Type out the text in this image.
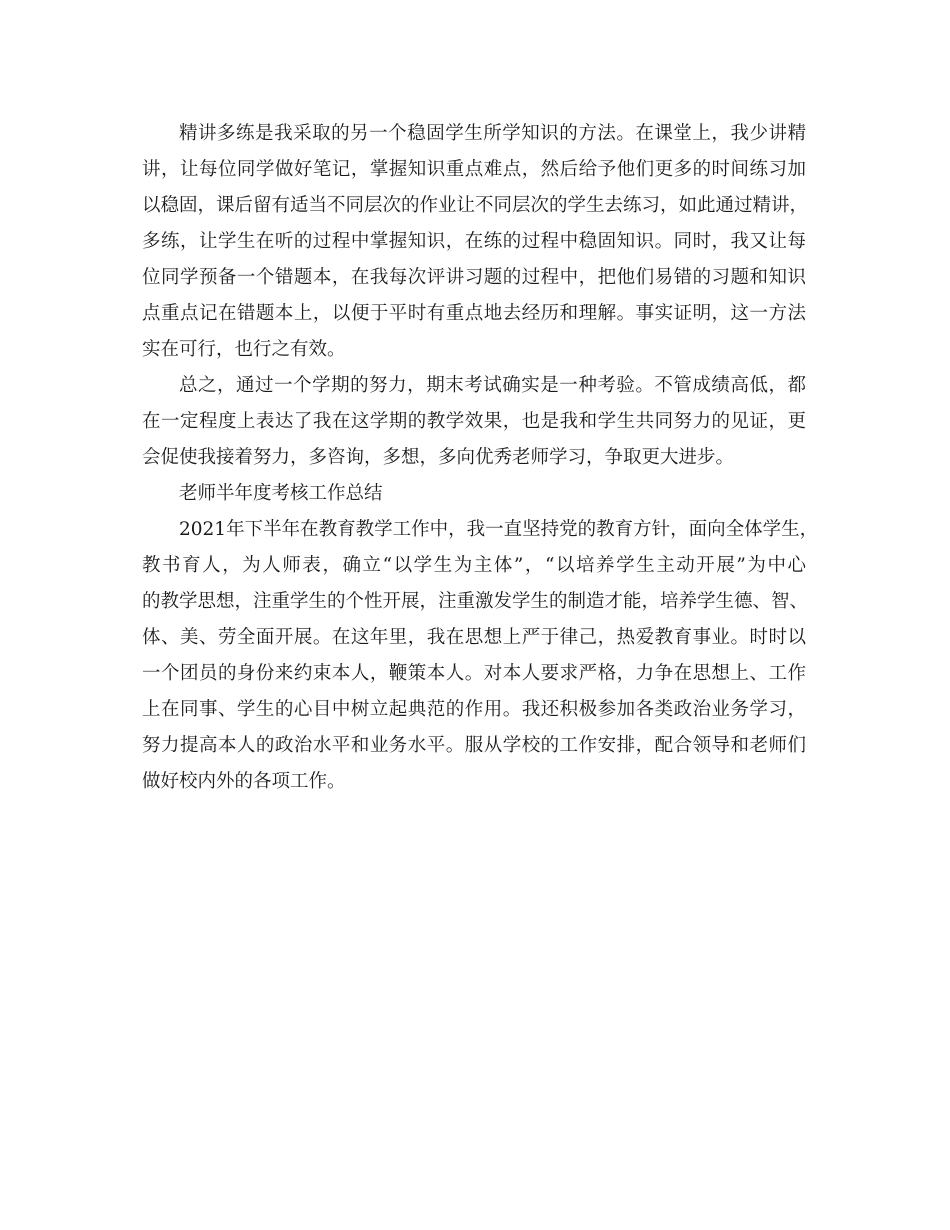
精讲多练是我采取的另一个稳固学生所学知识的方法。在课堂上，我少讲精
讲，让每位同学做好笔记，掌握知识重点难点，然后给予他们更多的时间练习加
以稳固，课后留有适当不同层次的作业让不同层次的学生去练习，如此通过精讲，
多练，让学生在听的过程中掌握知识，在练的过程中稳固知识。同时，我又让每
位同学预备一个错题本，在我每次评讲习题的过程中，把他们易错的习题和知识
点重点记在错题本上，以便于平时有重点地去经历和理解。事实证明，这一方法
实在可行，也行之有效。
总之，通过一个学期的努力，期末考试确实是一种考验。不管成绩高低，都
在一定程度上表达了我在这学期的教学效果，也是我和学生共同努力的见证，更
会促使我接着努力，多咨询，多想，多向优秀老师学习，争取更大进步。
老师半年度考核工作总结
2021年下半年在教育教学工作中，我一直坚持党的教育方针，面向全体学生，
教书育人，为人师表，确立“以学生为主体”，“以培养学生主动开展”为中心
的教学思想，注重学生的个性开展，注重激发学生的制造才能，培养学生德、智、
体、美、劳全面开展。在这年里，我在思想上严于律己，热爱教育事业。时时以
一个团员的身份来约束本人，鞭策本人。对本人要求严格，力争在思想上、工作
上在同事、学生的心目中树立起典范的作用。我还积极参加各类政治业务学习，
努力提高本人的政治水平和业务水平。服从学校的工作安排，配合领导和老师们
做好校内外的各项工作。
